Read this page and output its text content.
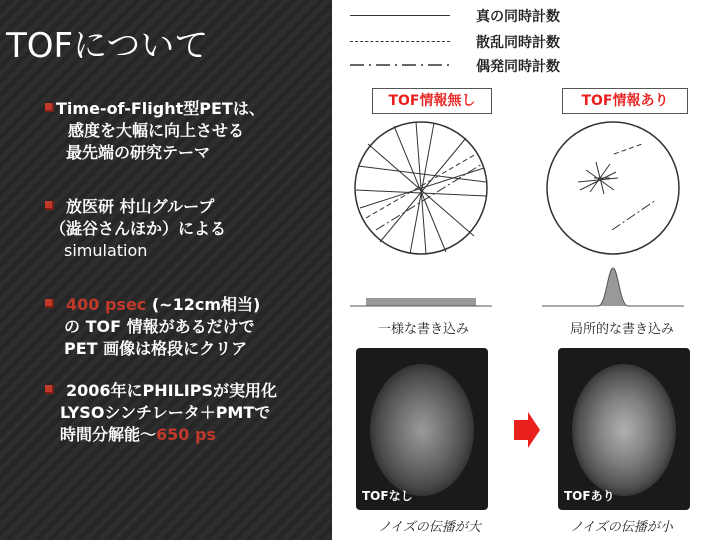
TOFについて
Time-of-Flight型PETは、
感度を大幅に向上させる
最先端の研究テーマ
放医研 村山グループ
（澁谷さんほか）による
simulation
400 psec (~12cm相当)
の TOF 情報があるだけで
PET 画像は格段にクリア
2006年にPHILIPSが実用化
LYSOシンチレータ＋PMTで
時間分解能～650 ps
真の同時計数
散乱同時計数
偶発同時計数
TOF情報無し	TOF情報あり
一様な書き込み	局所的な書き込み
TOFなし	TOFあり
ノイズの伝播が大	ノイズの伝播が小
